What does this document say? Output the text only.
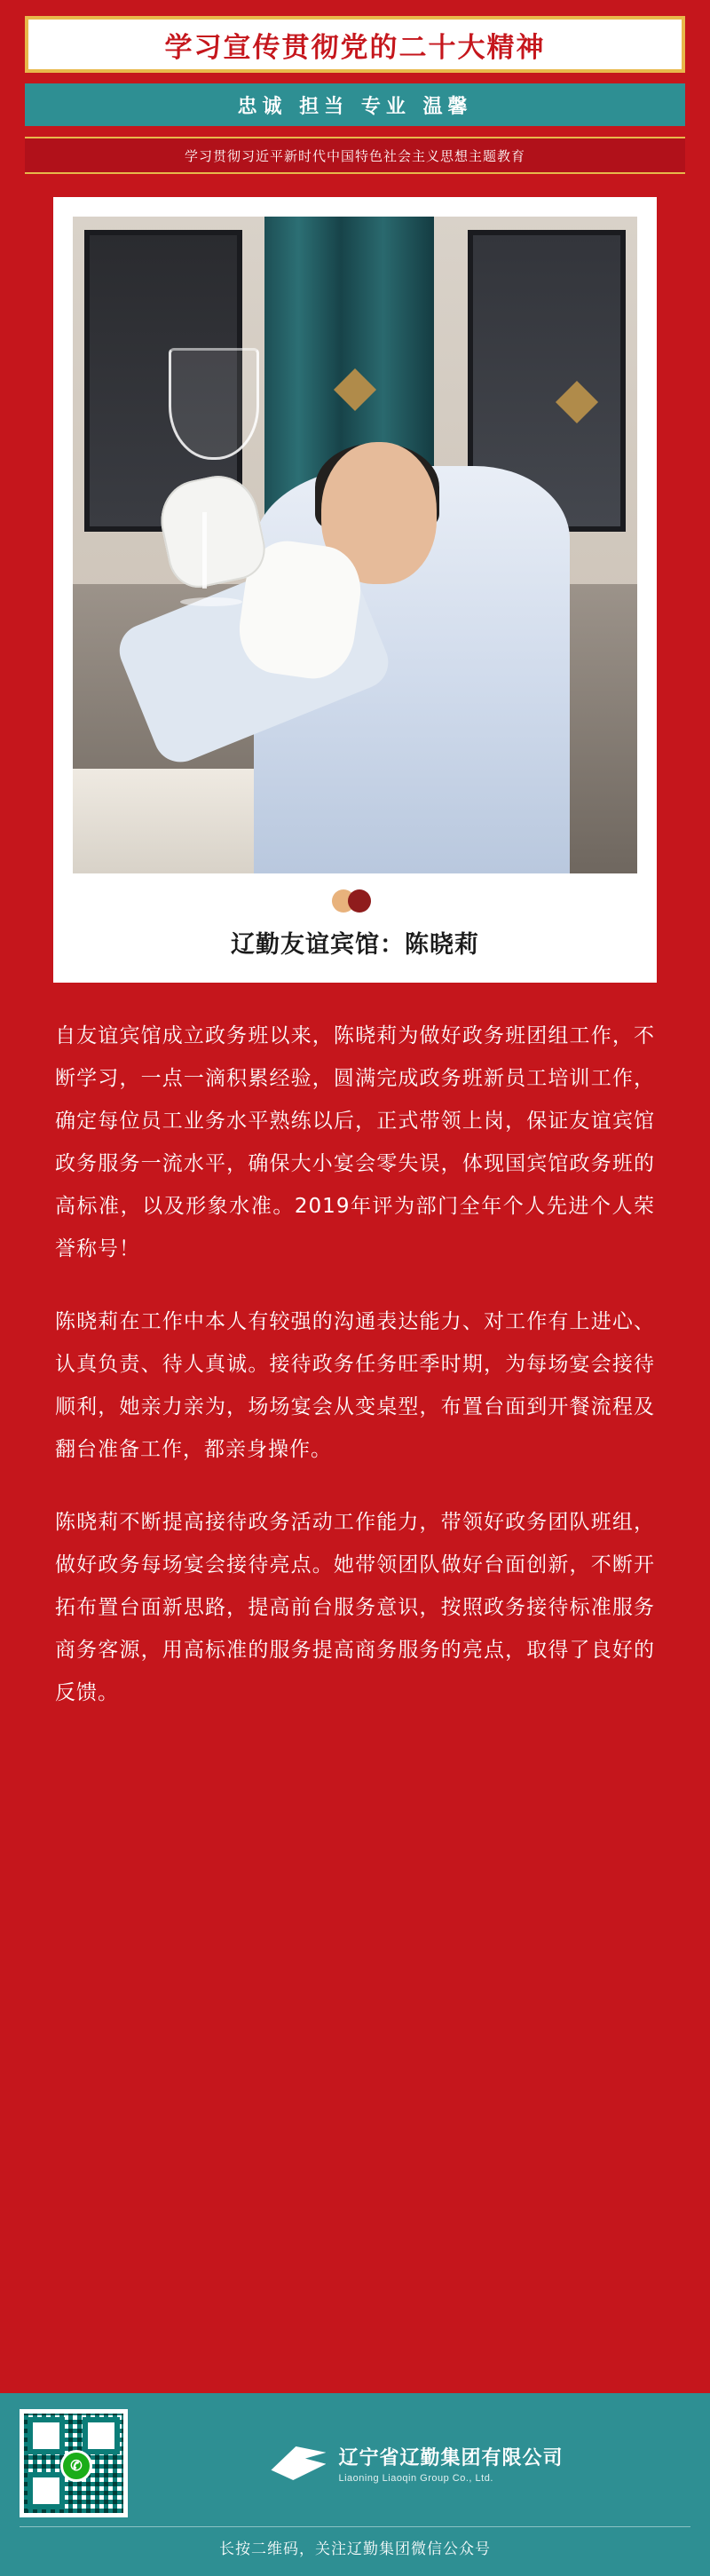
学习宣传贯彻党的二十大精神
忠诚 担当 专业 温馨
学习贯彻习近平新时代中国特色社会主义思想主题教育
辽勤友谊宾馆：陈晓莉

自友谊宾馆成立政务班以来，陈晓莉为做好政务班团组工作，不断学习，一点一滴积累经验，圆满完成政务班新员工培训工作，确定每位员工业务水平熟练以后，正式带领上岗，保证友谊宾馆政务服务一流水平，确保大小宴会零失误，体现国宾馆政务班的高标准，以及形象水准。2019年评为部门全年个人先进个人荣誉称号！

陈晓莉在工作中本人有较强的沟通表达能力、对工作有上进心、认真负责、待人真诚。接待政务任务旺季时期，为每场宴会接待顺利，她亲力亲为，场场宴会从变桌型，布置台面到开餐流程及翻台准备工作，都亲身操作。

陈晓莉不断提高接待政务活动工作能力，带领好政务团队班组，做好政务每场宴会接待亮点。她带领团队做好台面创新，不断开拓布置台面新思路，提高前台服务意识，按照政务接待标准服务商务客源，用高标准的服务提高商务服务的亮点，取得了良好的反馈。

✆	辽宁省辽勤集团有限公司
Liaoning Liaoqin Group Co., Ltd.
长按二维码，关注辽勤集团微信公众号
